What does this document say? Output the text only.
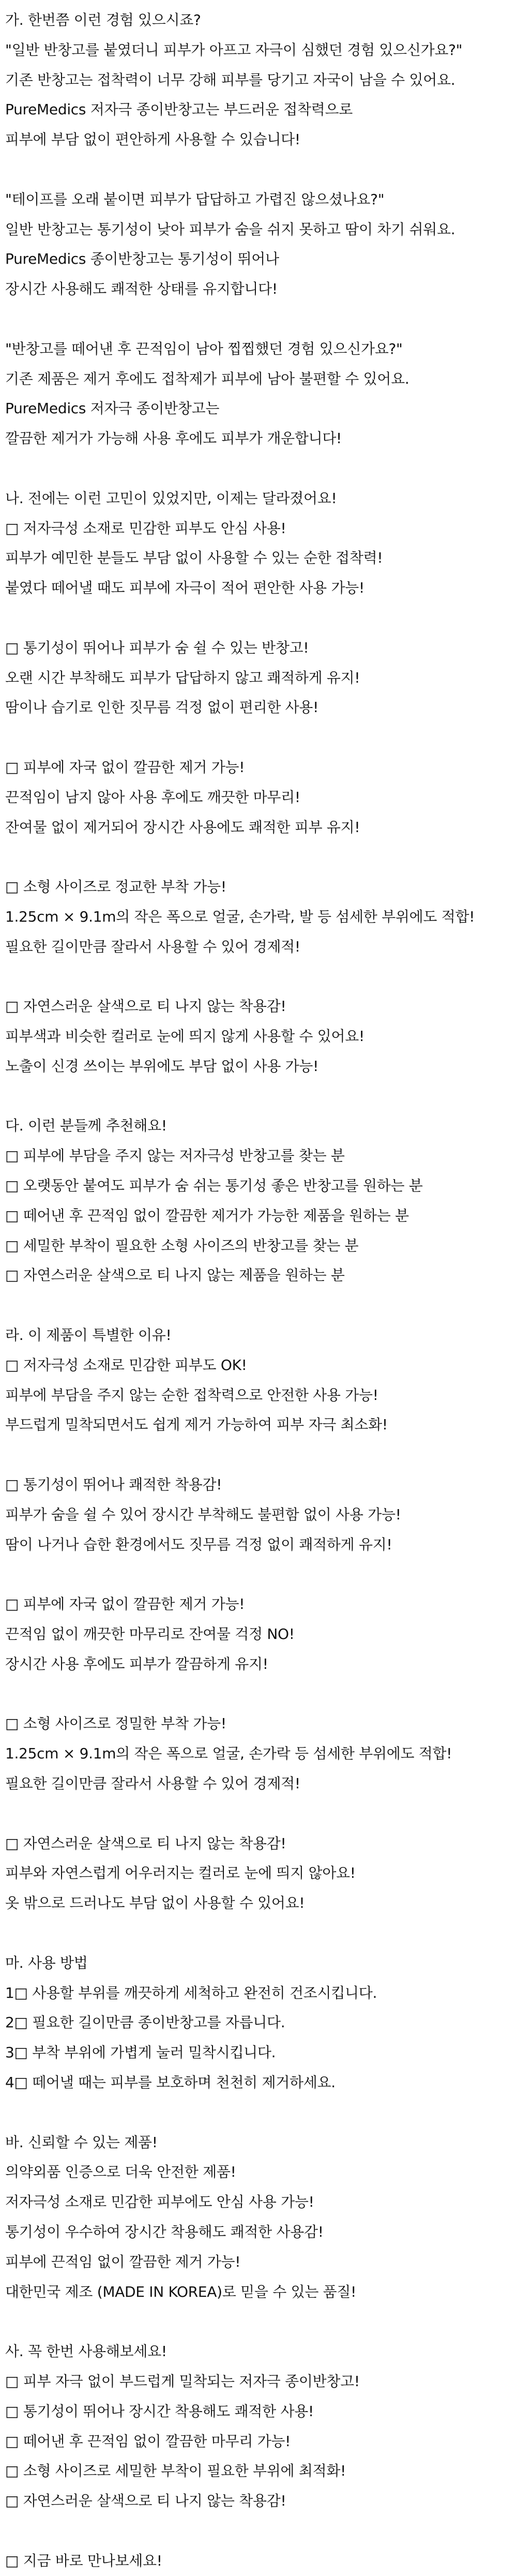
가. 한번쯤 이런 경험 있으시죠?
"일반 반창고를 붙였더니 피부가 아프고 자극이 심했던 경험 있으신가요?"
기존 반창고는 접착력이 너무 강해 피부를 당기고 자국이 남을 수 있어요.
PureMedics 저자극 종이반창고는 부드러운 접착력으로
피부에 부담 없이 편안하게 사용할 수 있습니다!
"테이프를 오래 붙이면 피부가 답답하고 가렵진 않으셨나요?"
일반 반창고는 통기성이 낮아 피부가 숨을 쉬지 못하고 땀이 차기 쉬워요.
PureMedics 종이반창고는 통기성이 뛰어나
장시간 사용해도 쾌적한 상태를 유지합니다!
"반창고를 떼어낸 후 끈적임이 남아 찝찝했던 경험 있으신가요?"
기존 제품은 제거 후에도 접착제가 피부에 남아 불편할 수 있어요.
PureMedics 저자극 종이반창고는
깔끔한 제거가 가능해 사용 후에도 피부가 개운합니다!
나. 전에는 이런 고민이 있었지만, 이제는 달라졌어요!
□ 저자극성 소재로 민감한 피부도 안심 사용!
피부가 예민한 분들도 부담 없이 사용할 수 있는 순한 접착력!
붙였다 떼어낼 때도 피부에 자극이 적어 편안한 사용 가능!
□ 통기성이 뛰어나 피부가 숨 쉴 수 있는 반창고!
오랜 시간 부착해도 피부가 답답하지 않고 쾌적하게 유지!
땀이나 습기로 인한 짓무름 걱정 없이 편리한 사용!
□ 피부에 자국 없이 깔끔한 제거 가능!
끈적임이 남지 않아 사용 후에도 깨끗한 마무리!
잔여물 없이 제거되어 장시간 사용에도 쾌적한 피부 유지!
□ 소형 사이즈로 정교한 부착 가능!
1.25cm × 9.1m의 작은 폭으로 얼굴, 손가락, 발 등 섬세한 부위에도 적합!
필요한 길이만큼 잘라서 사용할 수 있어 경제적!
□ 자연스러운 살색으로 티 나지 않는 착용감!
피부색과 비슷한 컬러로 눈에 띄지 않게 사용할 수 있어요!
노출이 신경 쓰이는 부위에도 부담 없이 사용 가능!
다. 이런 분들께 추천해요!
□ 피부에 부담을 주지 않는 저자극성 반창고를 찾는 분
□ 오랫동안 붙여도 피부가 숨 쉬는 통기성 좋은 반창고를 원하는 분
□ 떼어낸 후 끈적임 없이 깔끔한 제거가 가능한 제품을 원하는 분
□ 세밀한 부착이 필요한 소형 사이즈의 반창고를 찾는 분
□ 자연스러운 살색으로 티 나지 않는 제품을 원하는 분
라. 이 제품이 특별한 이유!
□ 저자극성 소재로 민감한 피부도 OK!
피부에 부담을 주지 않는 순한 접착력으로 안전한 사용 가능!
부드럽게 밀착되면서도 쉽게 제거 가능하여 피부 자극 최소화!
□ 통기성이 뛰어나 쾌적한 착용감!
피부가 숨을 쉴 수 있어 장시간 부착해도 불편함 없이 사용 가능!
땀이 나거나 습한 환경에서도 짓무름 걱정 없이 쾌적하게 유지!
□ 피부에 자국 없이 깔끔한 제거 가능!
끈적임 없이 깨끗한 마무리로 잔여물 걱정 NO!
장시간 사용 후에도 피부가 깔끔하게 유지!
□ 소형 사이즈로 정밀한 부착 가능!
1.25cm × 9.1m의 작은 폭으로 얼굴, 손가락 등 섬세한 부위에도 적합!
필요한 길이만큼 잘라서 사용할 수 있어 경제적!
□ 자연스러운 살색으로 티 나지 않는 착용감!
피부와 자연스럽게 어우러지는 컬러로 눈에 띄지 않아요!
옷 밖으로 드러나도 부담 없이 사용할 수 있어요!
마. 사용 방법
1□ 사용할 부위를 깨끗하게 세척하고 완전히 건조시킵니다.
2□ 필요한 길이만큼 종이반창고를 자릅니다.
3□ 부착 부위에 가볍게 눌러 밀착시킵니다.
4□ 떼어낼 때는 피부를 보호하며 천천히 제거하세요.
바. 신뢰할 수 있는 제품!
의약외품 인증으로 더욱 안전한 제품!
저자극성 소재로 민감한 피부에도 안심 사용 가능!
통기성이 우수하여 장시간 착용해도 쾌적한 사용감!
피부에 끈적임 없이 깔끔한 제거 가능!
대한민국 제조 (MADE IN KOREA)로 믿을 수 있는 품질!
사. 꼭 한번 사용해보세요!
□ 피부 자극 없이 부드럽게 밀착되는 저자극 종이반창고!
□ 통기성이 뛰어나 장시간 착용해도 쾌적한 사용!
□ 떼어낸 후 끈적임 없이 깔끔한 마무리 가능!
□ 소형 사이즈로 세밀한 부착이 필요한 부위에 최적화!
□ 자연스러운 살색으로 티 나지 않는 착용감!
□ 지금 바로 만나보세요!
